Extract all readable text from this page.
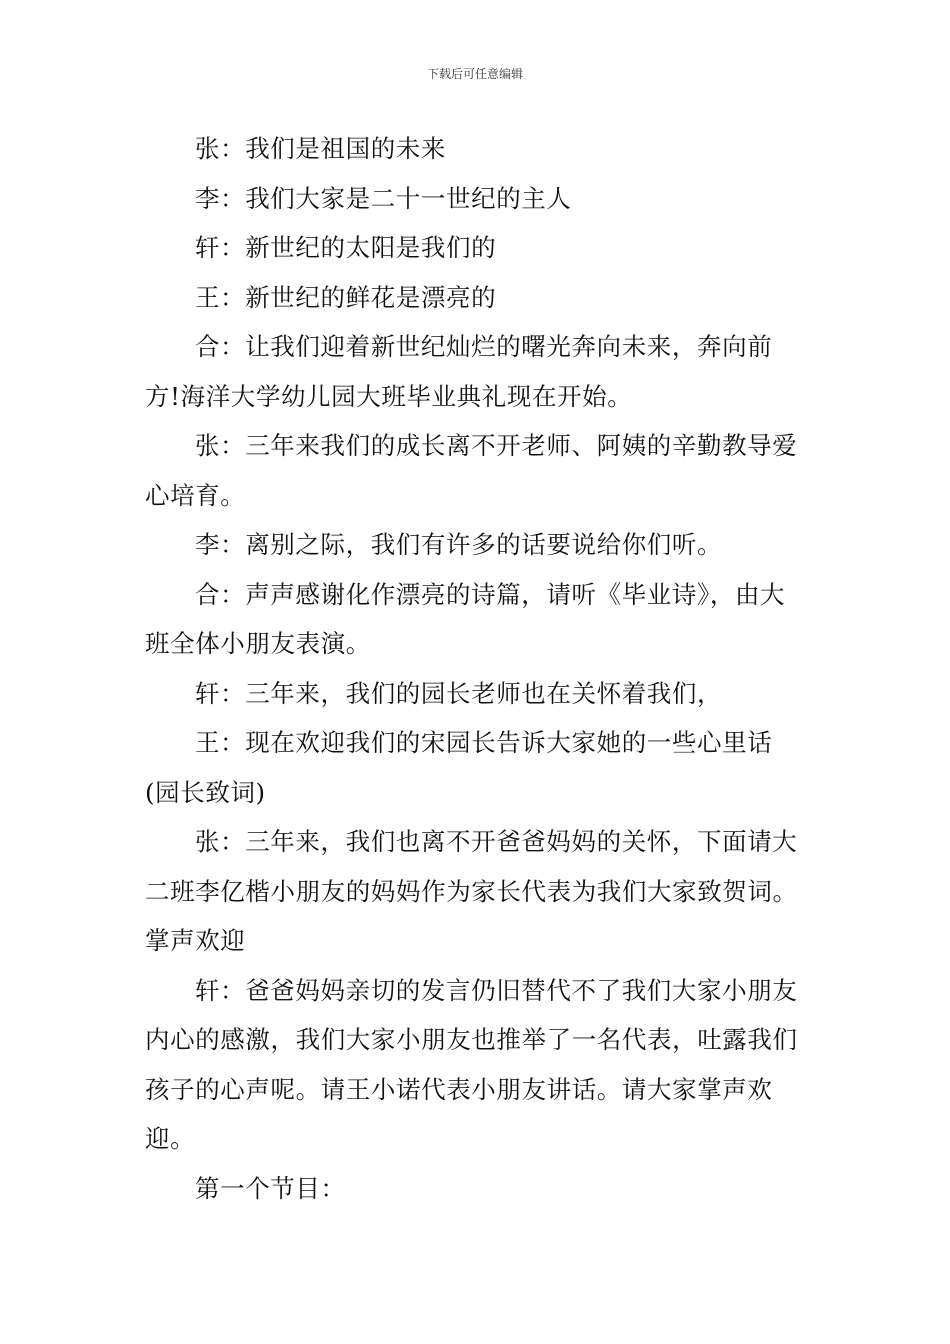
下载后可任意编辑

张：我们是祖国的未来

李：我们大家是二十一世纪的主人

轩：新世纪的太阳是我们的

王：新世纪的鲜花是漂亮的

合：让我们迎着新世纪灿烂的曙光奔向未来，奔向前方!海洋大学幼儿园大班毕业典礼现在开始。

张：三年来我们的成长离不开老师、阿姨的辛勤教导爱心培育。

李：离别之际，我们有许多的话要说给你们听。

合：声声感谢化作漂亮的诗篇，请听《毕业诗》，由大班全体小朋友表演。

轩：三年来，我们的园长老师也在关怀着我们，

王：现在欢迎我们的宋园长告诉大家她的一些心里话(园长致词)

张：三年来，我们也离不开爸爸妈妈的关怀，下面请大二班李亿楷小朋友的妈妈作为家长代表为我们大家致贺词。掌声欢迎

轩：爸爸妈妈亲切的发言仍旧替代不了我们大家小朋友内心的感激，我们大家小朋友也推举了一名代表，吐露我们孩子的心声呢。请王小诺代表小朋友讲话。请大家掌声欢迎。

第一个节目：
